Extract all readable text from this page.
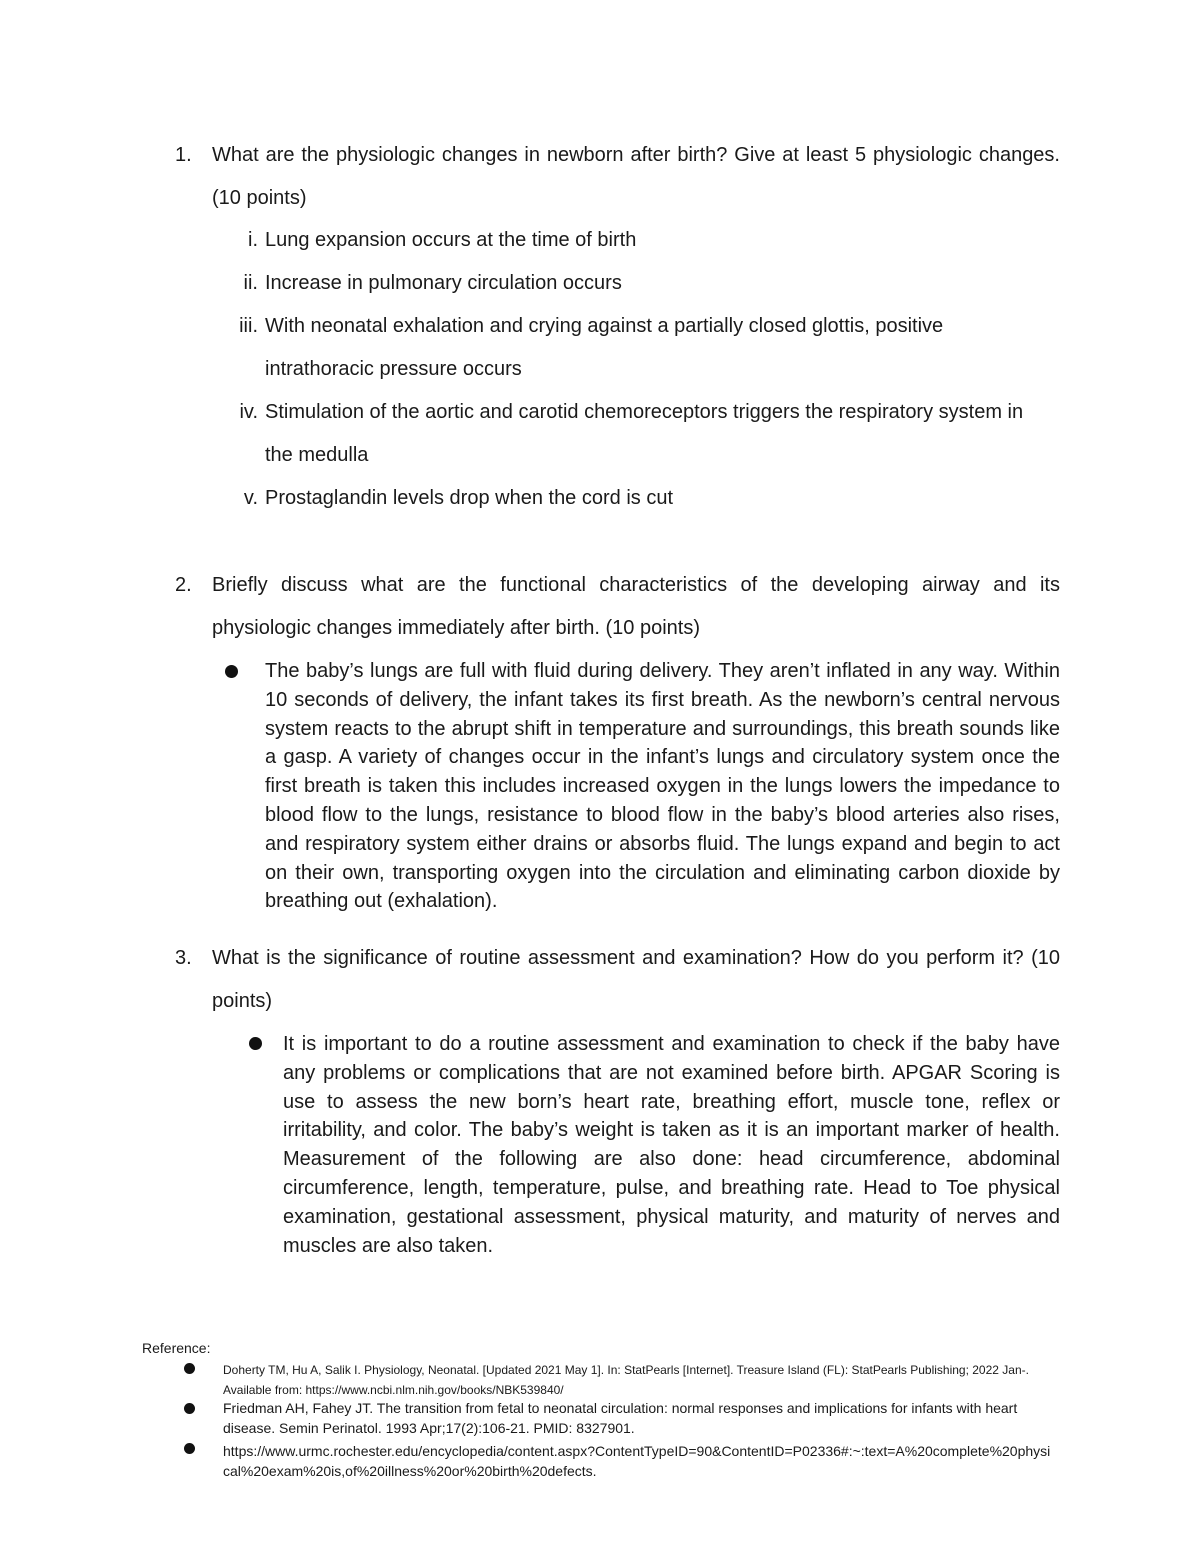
1.	What are the physiologic changes in newborn after birth? Give at least 5 physiologic changes. (10 points)
i. Lung expansion occurs at the time of birth
ii. Increase in pulmonary circulation occurs
iii. With neonatal exhalation and crying against a partially closed glottis, positive intrathoracic pressure occurs
iv. Stimulation of the aortic and carotid chemoreceptors triggers the respiratory system in the medulla
v. Prostaglandin levels drop when the cord is cut
2.	Briefly discuss what are the functional characteristics of the developing airway and its physiologic changes immediately after birth. (10 points)
The baby’s lungs are full with fluid during delivery. They aren’t inflated in any way. Within 10 seconds of delivery, the infant takes its first breath. As the newborn’s central nervous system reacts to the abrupt shift in temperature and surroundings, this breath sounds like a gasp. A variety of changes occur in the infant’s lungs and circulatory system once the first breath is taken this includes increased oxygen in the lungs lowers the impedance to blood flow to the lungs, resistance to blood flow in the baby’s blood arteries also rises, and respiratory system either drains or absorbs fluid. The lungs expand and begin to act on their own, transporting oxygen into the circulation and eliminating carbon dioxide by breathing out (exhalation).
3.	What is the significance of routine assessment and examination? How do you perform it? (10 points)
It is important to do a routine assessment and examination to check if the baby have any problems or complications that are not examined before birth. APGAR Scoring is use to assess the new born’s heart rate, breathing effort, muscle tone, reflex or irritability, and color. The baby’s weight is taken as it is an important marker of health. Measurement of the following are also done: head circumference, abdominal circumference, length, temperature, pulse, and breathing rate. Head to Toe physical examination, gestational assessment, physical maturity, and maturity of nerves and muscles are also taken.
Reference:
Doherty TM, Hu A, Salik I. Physiology, Neonatal. [Updated 2021 May 1]. In: StatPearls [Internet]. Treasure Island (FL): StatPearls Publishing; 2022 Jan-. Available from: https://www.ncbi.nlm.nih.gov/books/NBK539840/
Friedman AH, Fahey JT. The transition from fetal to neonatal circulation: normal responses and implications for infants with heart disease. Semin Perinatol. 1993 Apr;17(2):106-21. PMID: 8327901.
https://www.urmc.rochester.edu/encyclopedia/content.aspx?ContentTypeID=90&ContentID=P02336#:~:text=A%20complete%20physical%20exam%20is,of%20illness%20or%20birth%20defects.
